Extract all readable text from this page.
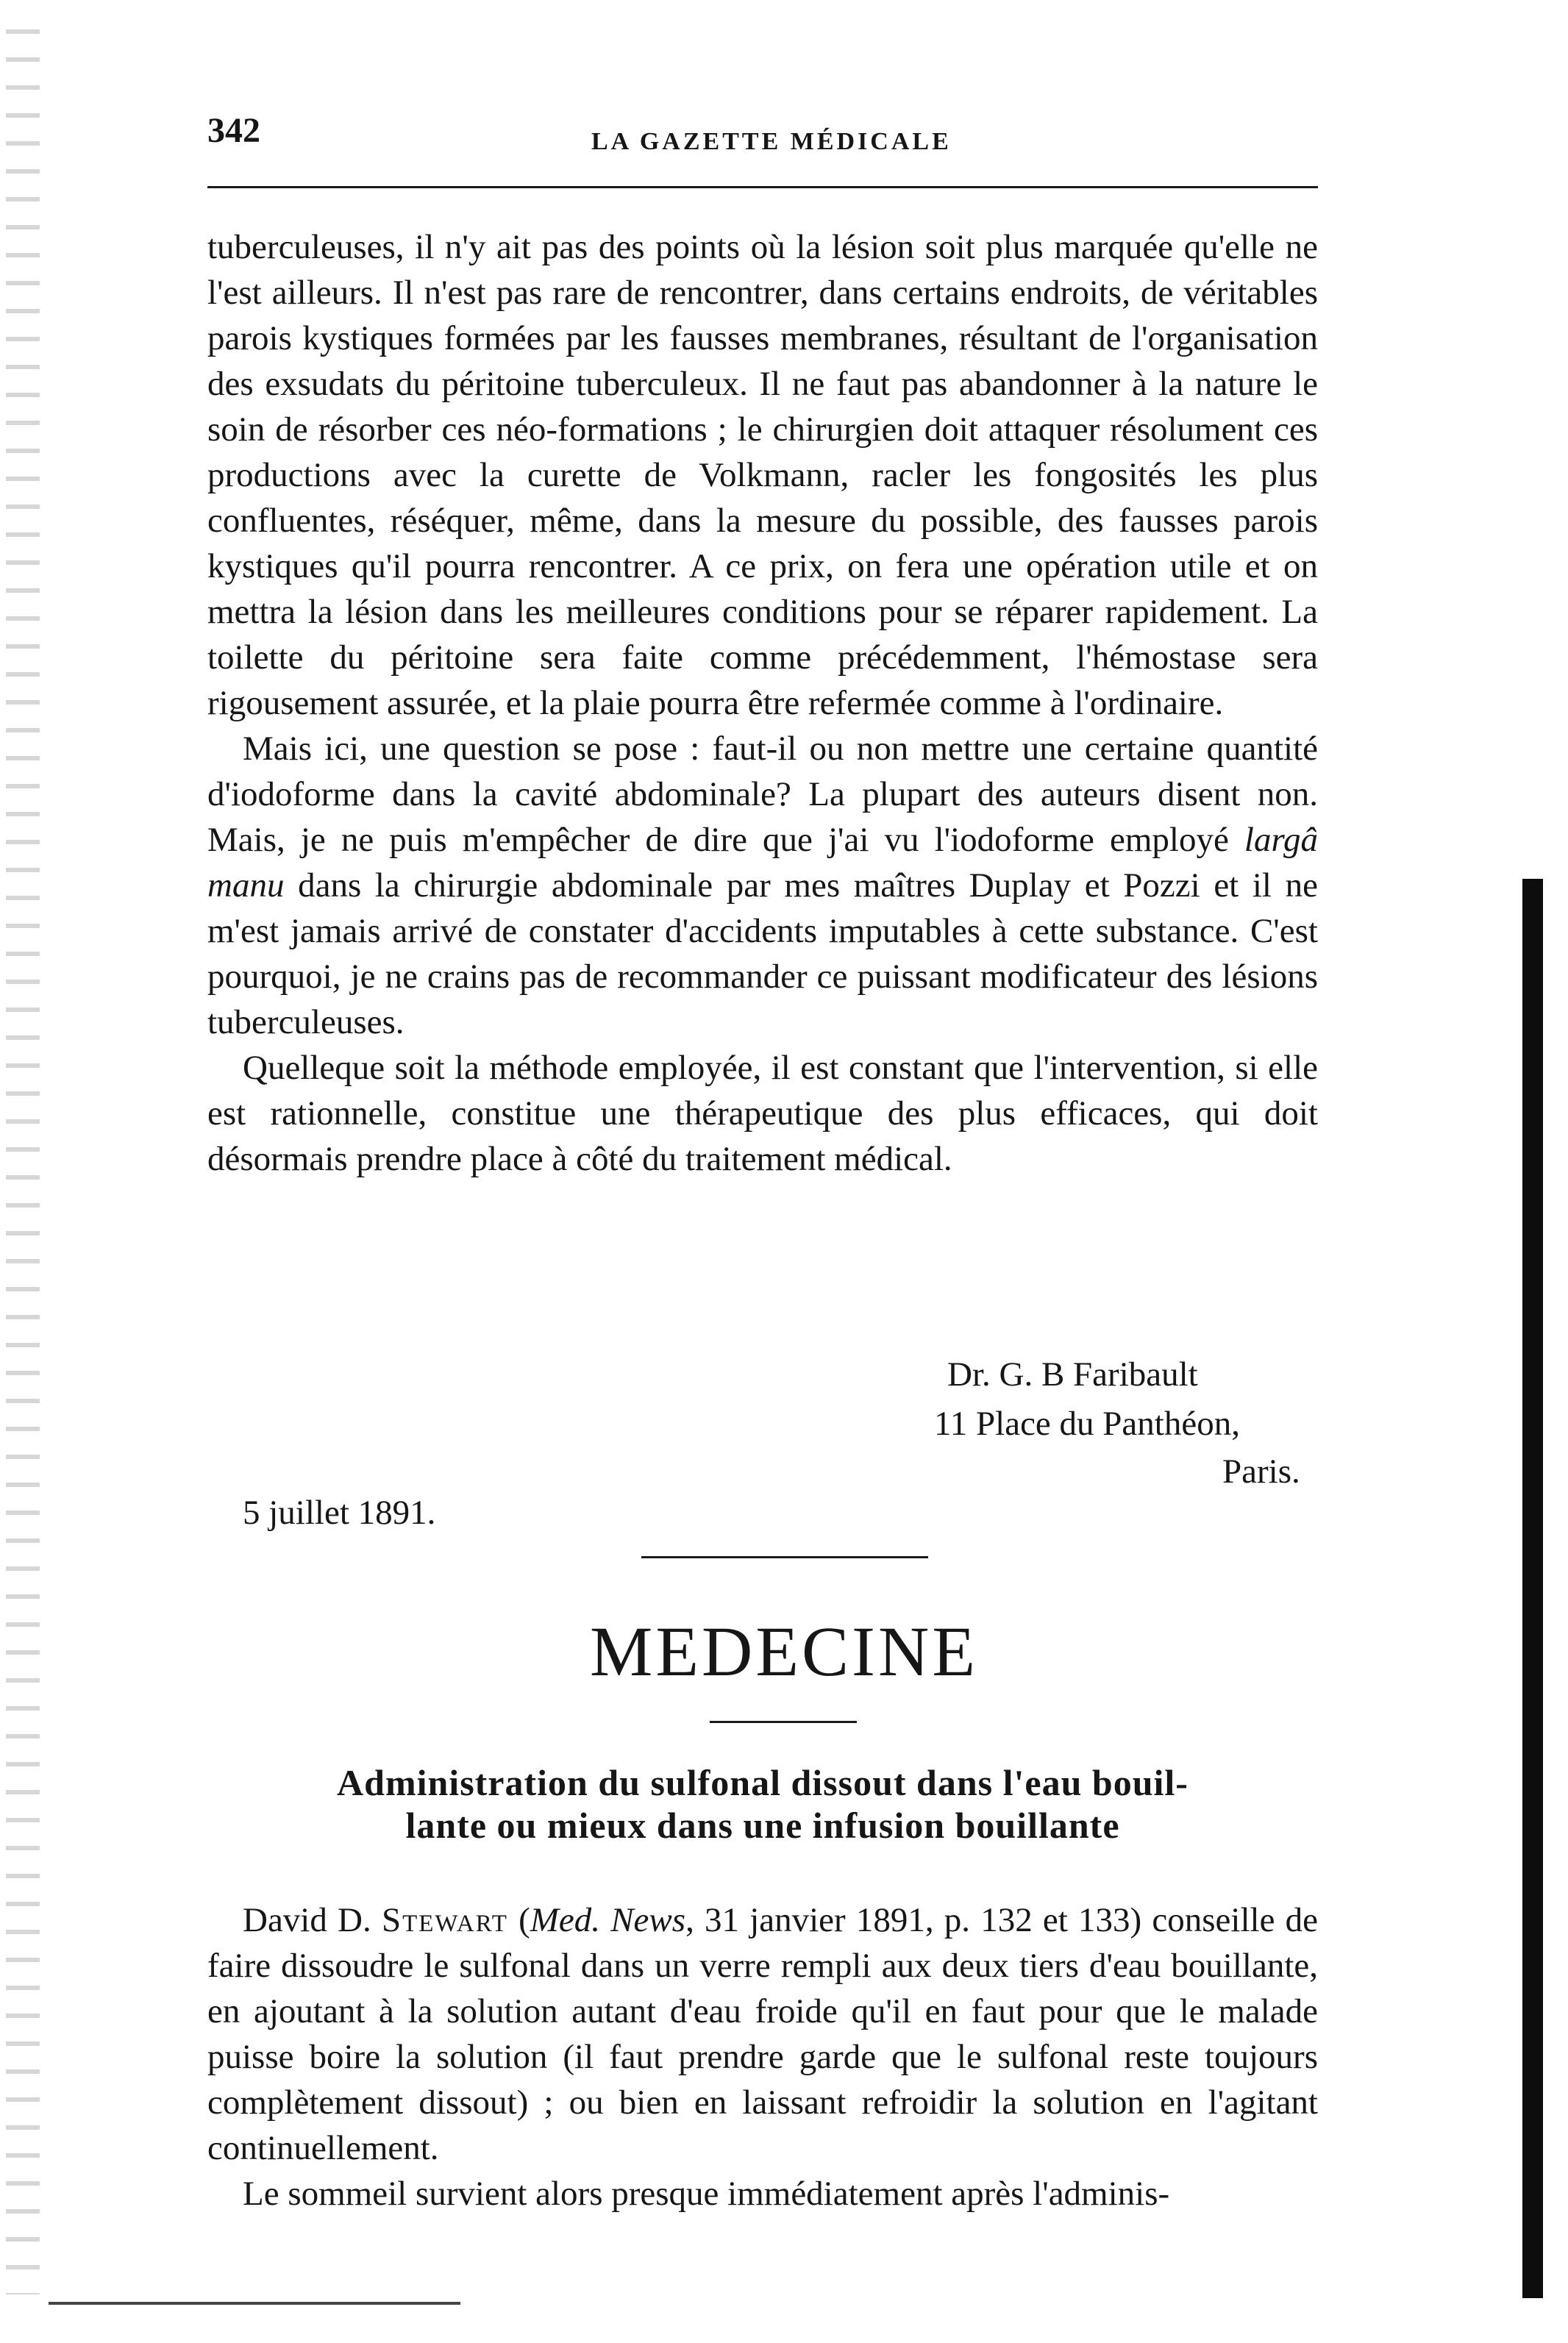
342	LA GAZETTE MÉDICALE

tuberculeuses, il n'y ait pas des points où la lésion soit plus marquée qu'elle ne l'est ailleurs. Il n'est pas rare de rencontrer, dans certains endroits, de véritables parois kystiques formées par les fausses membranes, résultant de l'organisation des exsudats du péritoine tuberculeux. Il ne faut pas abandonner à la nature le soin de résorber ces néo-formations ; le chirurgien doit attaquer résolument ces productions avec la curette de Volkmann, racler les fongosités les plus confluentes, réséquer, même, dans la mesure du possible, des fausses parois kystiques qu'il pourra rencontrer. A ce prix, on fera une opération utile et on mettra la lésion dans les meilleures conditions pour se réparer rapidement. La toilette du péritoine sera faite comme précédemment, l'hémostase sera rigousement assurée, et la plaie pourra être refermée comme à l'ordinaire.

Mais ici, une question se pose : faut-il ou non mettre une certaine quantité d'iodoforme dans la cavité abdominale? La plupart des auteurs disent non. Mais, je ne puis m'empêcher de dire que j'ai vu l'iodoforme employé largâ manu dans la chirurgie abdominale par mes maîtres Duplay et Pozzi et il ne m'est jamais arrivé de constater d'accidents imputables à cette substance. C'est pourquoi, je ne crains pas de recommander ce puissant modificateur des lésions tuberculeuses.

Quelleque soit la méthode employée, il est constant que l'intervention, si elle est rationnelle, constitue une thérapeutique des plus efficaces, qui doit désormais prendre place à côté du traitement médical.

Dr. G. B Faribault
11 Place du Panthéon,
Paris.
5 juillet 1891.
MEDECINE
Administration du sulfonal dissout dans l'eau bouil-
lante ou mieux dans une infusion bouillante

David D. Stewart (Med. News, 31 janvier 1891, p. 132 et 133) conseille de faire dissoudre le sulfonal dans un verre rempli aux deux tiers d'eau bouillante, en ajoutant à la solution autant d'eau froide qu'il en faut pour que le malade puisse boire la solution (il faut prendre garde que le sulfonal reste toujours complètement dissout) ; ou bien en laissant refroidir la solution en l'agitant continuellement.

Le sommeil survient alors presque immédiatement après l'adminis-
